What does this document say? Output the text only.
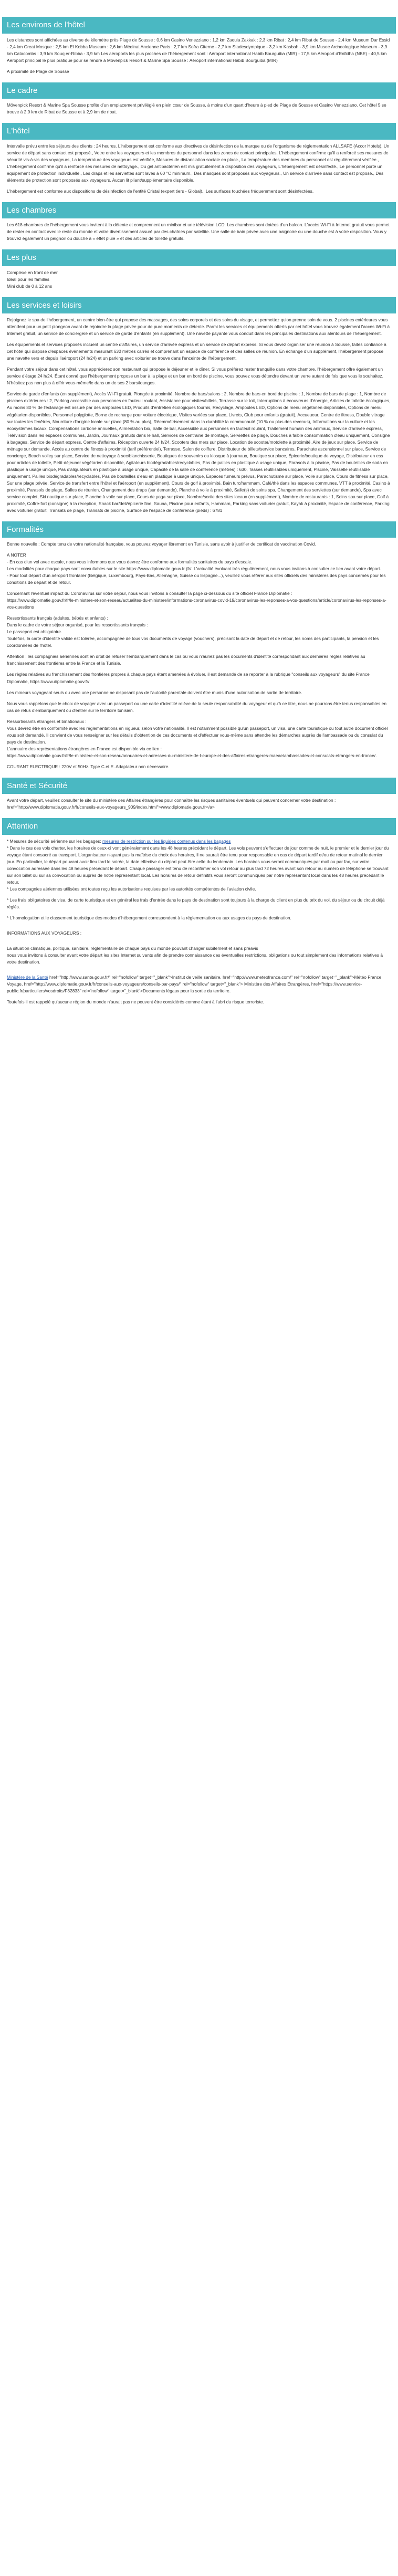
Les environs de l'hôtel

Les distances sont affichées au diverse de kilomètre près Plage de Sousse : 0,6 km Casino Venezziano : 1,2 km Zaouia Zakkak : 2,3 km Ribat : 2,4 km Ribat de Sousse - 2,4 km Museum Dar Essid - 2,4 km Great Mosque : 2,5 km El Kobba Museum : 2,6 km Médinat Ancienne Paris : 2,7 km Sofra Citerne - 2,7 km Stadesdympique - 3,2 km Kasbah - 3,9 km Musee Archeologique Museum - 3,9 km Catacombs : 3,9 km Souq er-Ribba - 3,9 km Les aéroports les plus proches de l'hébergement sont : Aéroport international Habib Bourguiba (MIR) - 17,5 km Aéroport d'Enfidha (NBE) - 40,5 km Aéroport principal le plus pratique pour se rendre à Mövenpick Resort & Marine Spa Sousse : Aéroport international Habib Bourguiba (MIR)

A proximité de Plage de Sousse

Le cadre

Mövenpick Resort & Marine Spa Sousse profite d'un emplacement privilégié en plein cœur de Sousse, à moins d'un quart d'heure à pied de Plage de Sousse et Casino Venezziano. Cet hôtel 5 se trouve à 2,9 km de Ribat de Sousse et à 2,9 km de ribat.

L'hôtel

Intervalle prévu entre les séjours des clients : 24 heures. L'hébergement est conforme aux directives de désinfection de la marque ou de l'organisme de réglementation ALLSAFE (Accor Hotels). Un service de départ sans contact est proposé., Votre entre les voyageurs et les membres du personnel dans les zones de contact principales, L'hébergement confirme qu'il a renforcé ses mesures de sécurité vis-à-vis des voyageurs, La température des voyageurs est vérifiée, Mesures de distanciation sociale en place., La température des membres du personnel est régulièrement vérifiée., L'hébergement confirme qu'il a renforcé ses mesures de nettoyage., Du gel antibactérien est mis gratuitement à disposition des voyageurs, L'hébergement est désinfecté., Le personnel porte un équipement de protection individuelle., Les draps et les serviettes sont lavés à 60 °C minimum., Des masques sont proposés aux voyageurs., Un service d'arrivée sans contact est proposé., Des éléments de protection sont proposés aux voyageurs. Aucun lit pliant/supplémentaire disponible.

L'hébergement est conforme aux dispositions de désinfection de l'entité Cristal (expert tiers - Global)., Les surfaces touchées fréquemment sont désinfectées.

Les chambres

Les 618 chambres de l'hébergement vous invitent à la détente et comprennent un minibar et une télévision LCD. Les chambres sont dotées d'un balcon. L'accès Wi-Fi à Internet gratuit vous permet de rester en contact avec le reste du monde et votre divertissement assuré par des chaînes par satellite. Une salle de bain privée avec une baignoire ou une douche est à votre disposition. Vous y trouvez également un peignoir ou douche à « effet pluie » et des articles de toilette gratuits.

Les plus

Complexe en front de mer

Idéal pour les familles

Mini club de 0 à 12 ans

Les services et loisirs

Rejoignez le spa de l'hébergement, un centre bien-être qui propose des massages, des soins corporels et des soins du visage, et permettez qu'on prenne soin de vous. 2 piscines extérieures vous attendent pour un petit plongeon avant de rejoindre la plage privée pour de pure moments de détente. Parmi les services et équipements offerts par cet hôtel vous trouvez également l'accès Wi-Fi à Internet gratuit, un service de concierge/e et un service de garde d'enfants (en supplément). Une navette payante vous conduit dans les principales destinations aux alentours de l'hébergement.

Les équipements et services proposés incluent un centre d'affaires, un service d'arrivée express et un service de départ express. Si vous devez organiser une réunion à Sousse, faites confiance à cet hôtel qui dispose d'espaces événements mesurant 630 mètres carrés et comprenant un espace de conférence et des salles de réunion. En échange d'un supplément, l'hébergement propose une navette vers et depuis l'aéroport (24 h/24) et un parking avec voiturier se trouve dans l'enceinte de l'hébergement.

Pendant votre séjour dans cet hôtel, vous apprécierez son restaurant qui propose le déjeuner et le dîner. Si vous préférez rester tranquille dans votre chambre, l'hébergement offre également un service d'étage 24 h/24. Étant donné que l'hébergement propose un bar à la plage et un bar en bord de piscine, vous pouvez vous détendre devant un verre autant de fois que vous le souhaitez. N'hésitez pas non plus à offrir vous-même/le dans un de ses 2 bars/lounges.

Service de garde d'enfants (en supplément), Accès Wi-Fi gratuit. Plongée à proximité, Nombre de bars/salons : 2, Nombre de bars en bord de piscine : 1, Nombre de bars de plage : 1, Nombre de piscines extérieures : 2, Parking accessible aux personnes en fauteuil roulant, Assistance pour visites/billets, Terrasse sur le toit, Interruptions à écouvreurs d'énergie, Articles de toilette écologiques, Au moins 80 % de l'éclairage est assuré par des ampoules LED, Produits d'entretien écologiques fournis, Recyclage, Ampoules LED, Options de menu végétarien disponibles, Options de menu végétarien disponibles, Personnel polyglotte, Borne de recharge pour voiture électrique, Visites variées sur place, Livrets, Club pour enfants (gratuit), Accueueur, Centre de fitness, Double vitrage sur toutes les fenêtres, Nourriture d'origine locale sur place (80 % au plus), Réemmétrisement dans la durabilité la communauté (10 % ou plus des revenus), Informations sur la culture et les écosystèmes locaux, Compensations carbone annuelles, Alimentation bio, Salle de bal, Accessible aux personnes en fauteuil roulant, Traitement humain des animaux, Service d'arrivée express, Télévision dans les espaces communes, Jardin, Journaux gratuits dans le hall, Services de centraine de montage, Serviettes de plage, Douches à faible consommation d'eau uniquement, Consigne à bagages, Service de départ express, Centre d'affaires, Réception ouverte 24 h/24, Scooters des mers sur place, Location de scooter/motolette à proximité, Aire de jeux sur place, Service de ménage sur demande, Accès au centre de fitness à proximité (tarif préférentiel), Terrasse, Salon de coiffure, Distributeur de billets/service bancaires, Parachute ascensionnel sur place, Service de concierge, Beach volley sur place, Service de nettoyage à sec/blanchisserie, Boutiques de souvenirs ou kiosque à journaux, Boutique sur place, Épicerie/boutique de voyage, Distributeur en ess pour articles de toilette, Petit-déjeuner végétarien disponible, Agitateurs biodégradables/recyclables, Pas de pailles en plastique à usage unique, Parasols à la piscine, Pas de bouteilles de soda en plastique à usage unique, Pas d'aliguateurs en plastique à usage unique, Capacité de la salle de conférence (mètres) : 630, Tasses réutilisables uniquement, Piscine, Vaisselle réutilisable uniquement, Pailles biodégradables/recyclables, Pas de bouteilles d'eau en plastique à usage unique, Espaces fumeurs prévus, Parachutisme sur place, Voile sur place, Cours de fitness sur place, Sur une plage privée, Service de transfert entre l'hôtel et l'aéroport (en supplément), Cours de golf à proximité, Bain turc/hammam, Café/thé dans les espaces communes, VTT à proximité, Casino à proximité, Parasols de plage, Salles de réunion, Changement des draps (sur demande), Planche à voile à proximité, Salle(s) de soins spa, Changement des serviettes (sur demande), Spa avec service complet, Ski nautique sur place, Planche à voile sur place, Cours de yoga sur place, Nombre/sortie des sites locaux (en supplément), Nombre de restaurants : 1, Soins spa sur place, Golf à proximité, Coffre-fort (consigne) à la réception, Snack bar/deli/épicerie fine, Sauna, Piscine pour enfants, Hammam, Parking sans voiturier gratuit, Kayak à proximité, Espace de conférence, Parking avec voiturier gratuit, Transats de plage, Transats de piscine, Surface de l'espace de conférence (pieds) : 6781

Formalités

Bonne nouvelle : Compte tenu de votre nationalité française, vous pouvez voyager librement en Tunisie, sans avoir à justifier de certificat de vaccination Covid.

A NOTER

- En cas d'un vol avec escale, nous vous informons que vous devrez être conforme aux formalités sanitaires du pays d'escale.

Les modalités pour chaque pays sont consultables sur le site https://www.diplomatie.gouv.fr (fr/. L'actualité évoluant très régulièrement, nous vous invitons à consulter ce lien avant votre départ.

- Pour tout départ d'un aéroport frontalier (Belgique, Luxembourg, Pays-Bas, Allemagne, Suisse ou Espagne...), veuillez vous référer aux sites officiels des ministères des pays concernés pour les conditions de départ et de retour.

Concernant l'éventuel impact du Coronavirus sur votre séjour, nous vous invitons à consulter la page ci-dessous du site officiel France Diplomatie :

https://www.diplomatie.gouv.fr/fr/le-ministere-et-son-reseau/actualites-du-ministere/informations-coronavirus-covid-19/coronavirus-les-reponses-a-vos-questions/article/coronavirus-les-reponses-a-vos-questions

Ressortissants français (adultes, bébés et enfants) :

Dans le cadre de votre séjour organisé, pour les ressortissants français :

Le passeport est obligatoire.

Toutefois, la carte d'identité valide est tolérée, accompagnée de tous vos documents de voyage (vouchers), précisant la date de départ et de retour, les noms des participants, la pension et les coordonnées de l'hôtel.

Attention : les compagnies aériennes sont en droit de refuser l'embarquement dans le cas où vous n'auriez pas les documents d'identité correspondant aux dernières règles relatives au franchissement des frontières entre la France et la Tunisie.

Les règles relatives au franchissement des frontières propres à chaque pays étant amenées à évoluer, il est demandé de se reporter à la rubrique "conseils aux voyageurs" du site France Diplomatie, https://www.diplomatie.gouv.fr/

Les mineurs voyageant seuls ou avec une personne ne disposant pas de l'autorité parentale doivent être munis d'une autorisation de sortie de territoire.

Nous vous rappelons que le choix de voyager avec un passeport ou une carte d'identité relève de la seule responsabilité du voyageur et qu'à ce titre, nous ne pourrons être tenus responsables en cas de refus d'embarquement ou d'entrer sur le territoire tunisien.

Ressortissants étrangers et binationaux :

Vous devrez être en conformité avec les réglementations en vigueur, selon votre nationalité. Il est notamment possible qu'un passeport, un visa, une carte touristique ou tout autre document officiel vous soit demandé. Il convient de vous renseigner sur les détails d'obtention de ces documents et d'effectuer vous-même sans attendre les démarches auprès de l'ambassade ou du consulat du pays de destination.

L'annuaire des représentations étrangères en France est disponible via ce lien :

https://www.diplomatie.gouv.fr/fr/le-ministere-et-son-reseau/annuaires-et-adresses-du-ministere-de-l-europe-et-des-affaires-etrangeres-maeae/ambassades-et-consulats-etrangers-en-france/.

COURANT ELECTRIQUE : 220V et 50Hz. Type C et E. Adaptateur non nécessaire.

Santé et Sécurité

Avant votre départ, veuillez consulter le site du ministère des Affaires étrangères pour connaître les risques sanitaires éventuels qui peuvent concerner votre destination : href="http://www.diplomatie.gouv.fr/fr/conseils-aux-voyageurs_909/index.html">www.diplomatie.gouv.fr</a>

Attention

* Mesures de sécurité aérienne sur les bagages: mesures de restriction sur les liquides contenus dans les bagages

* Dans le cas des vols charter, les horaires de ceux-ci vont généralement dans les 48 heures précédant le départ. Les vols peuvent s'effectuer de jour comme de nuit, le premier et le dernier jour du voyage étant consacré au transport. L'organisateur n'ayant pas la maîtrise du choix des horaires, il ne saurait être tenu pour responsable en cas de départ tardif et/ou de retour matinal le dernier jour. En particulier, le départ pouvant avoir lieu tard le soirée, la date effective du départ peut être celle du lendemain. Les horaires vous seront communiqués par mail ou par fax, sur votre convocation adressée dans les 48 heures précédant le départ. Chaque passager est tenu de reconfirmer son vol retour au plus tard 72 heures avant son retour au numéro de téléphone se trouvant sur son billet ou sur sa convocation ou auprès de notre représentant local. Les horaires de retour définitifs vous seront communiqués par notre représentant local dans les 48 heures précédant le retour.

* Les compagnies aériennes utilisées ont toutes reçu les autorisations requises par les autorités compétentes de l'aviation civile.

* Les frais obligatoires de visa, de carte touristique et en général les frais d'entrée dans le pays de destination sont toujours à la charge du client en plus du prix du vol, du séjour ou du circuit déjà réglés.

* L'homologation et le classement touristique des modes d'hébergement correspondent à la réglementation ou aux usages du pays de destination.

INFORMATIONS AUX VOYAGEURS :

La situation climatique, politique, sanitaire, réglementaire de chaque pays du monde pouvant changer subitement et sans préavis

nous vous invitons à consulter avant votre départ les sites Internet suivants afin de prendre connaissance des éventuelles restrictions, obligations ou tout simplement des informations relatives à votre destination.

Ministère de la Santé href="http://www.sante.gouv.fr/" rel="nofollow" target="_blank">Institut de veille sanitaire, href="http://www.meteofrance.com/" rel="nofollow" target="_blank">Météo France Voyage, href="http://www.diplomatie.gouv.fr/fr/conseils-aux-voyageurs/conseils-par-pays/" rel="nofollow" target="_blank"> Ministère des Affaires Étrangères, href="https://www.service-public.fr/particuliers/vosdroits/F32833" rel="nofollow" target="_blank">Documents légaux pour la sortie du territoire.

Toutefois il est rappelé qu'aucune région du monde n'aurait pas ne peuvent être considérés comme étant à l'abri du risque terroriste.
